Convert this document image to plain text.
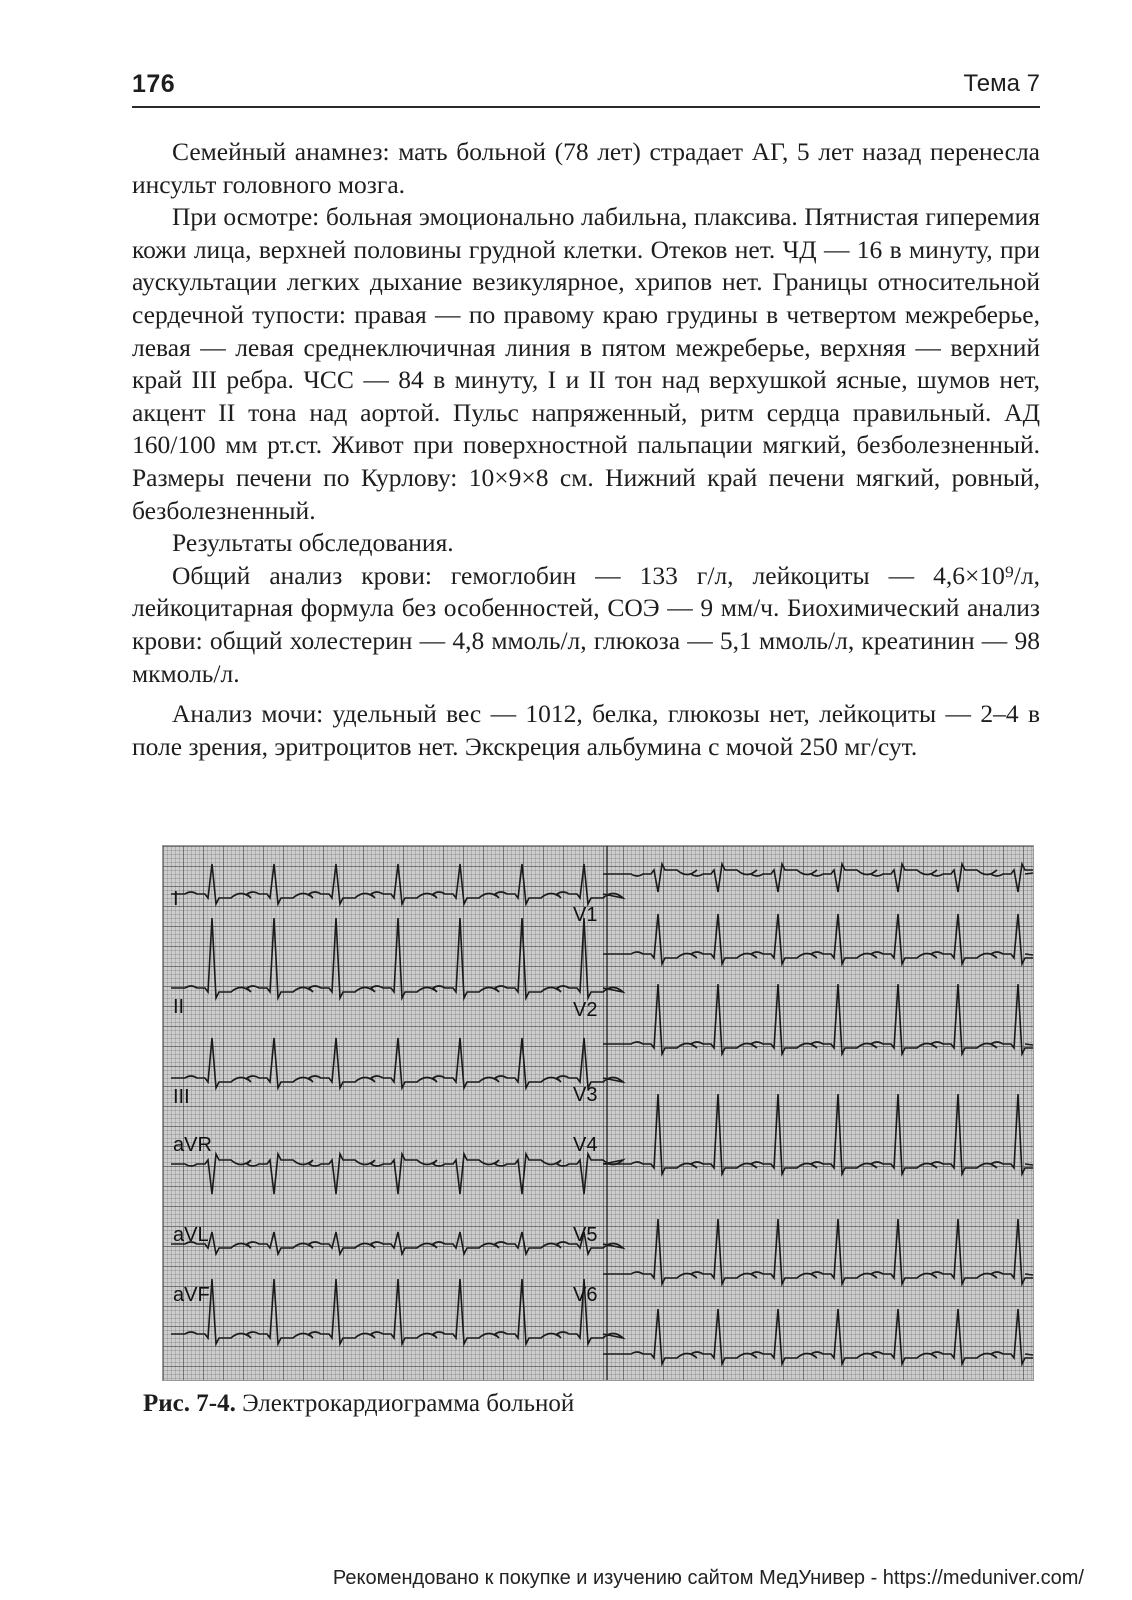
176	Тема 7

Семейный анамнез: мать больной (78 лет) страдает АГ, 5 лет назад перенесла инсульт головного мозга.

При осмотре: больная эмоционально лабильна, плаксива. Пятнистая гиперемия кожи лица, верхней половины грудной клетки. Отеков нет. ЧД — 16 в минуту, при аускультации легких дыхание везикулярное, хрипов нет. Границы относительной сердечной тупости: правая — по правому краю грудины в четвертом межреберье, левая — левая среднеключичная линия в пятом межреберье, верхняя — верхний край III ребра. ЧСС — 84 в минуту, I и II тон над верхушкой ясные, шумов нет, акцент II тона над аортой. Пульс напряженный, ритм сердца правильный. АД 160/100 мм рт.ст. Живот при поверхностной пальпации мягкий, безболезненный. Размеры печени по Курлову: 10×9×8 см. Нижний край печени мягкий, ровный, безболезненный.

Результаты обследования.

Общий анализ крови: гемоглобин — 133 г/л, лейкоциты — 4,6×10⁹/л, лейкоцитарная формула без особенностей, СОЭ — 9 мм/ч. Биохимический анализ крови: общий холестерин — 4,8 ммоль/л, глюкоза — 5,1 ммоль/л, креатинин — 98 мкмоль/л.

Анализ мочи: удельный вес — 1012, белка, глюкозы нет, лейкоциты — 2–4 в поле зрения, эритроцитов нет. Экскреция альбумина с мочой 250 мг/сут.

I
II
III
aVR
aVL
aVF
V1
V2
V3
V4
V5
V6
Рис. 7-4. Электрокардиограмма больной
Рекомендовано к покупке и изучению сайтом МедУнивер - https://meduniver.com/
